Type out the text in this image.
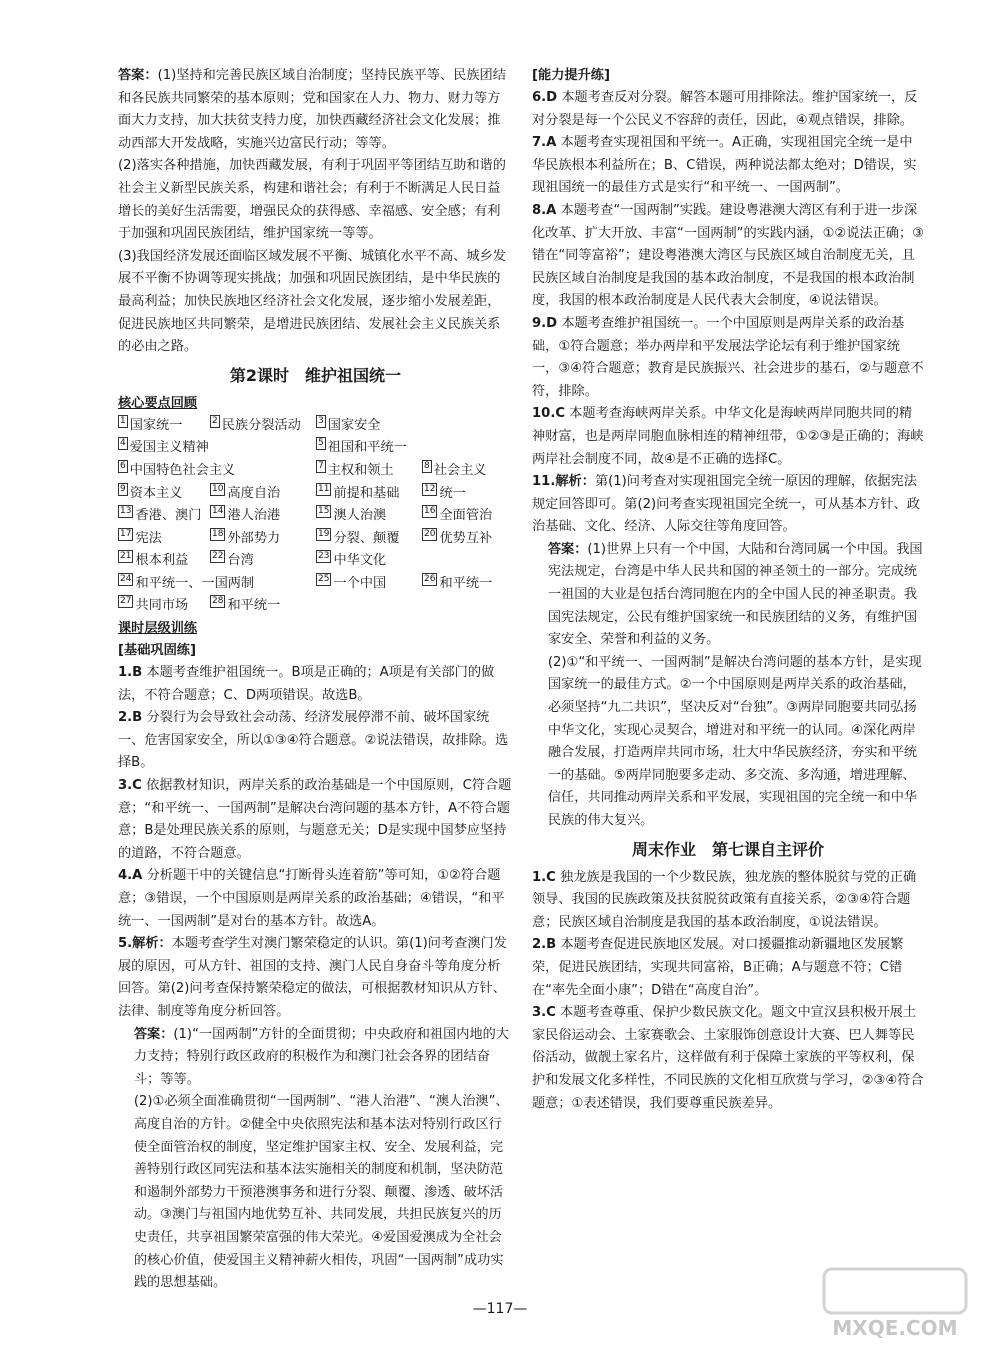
答案：(1)坚持和完善民族区域自治制度；坚持民族平等、民族团结和各民族共同繁荣的基本原则；党和国家在人力、物力、财力等方面大力支持，加大扶贫支持力度，加快西藏经济社会文化发展；推动西部大开发战略，实施兴边富民行动；等等。

(2)落实各种措施，加快西藏发展，有利于巩固平等团结互助和谐的社会主义新型民族关系，构建和谐社会；有利于不断满足人民日益增长的美好生活需要，增强民众的获得感、幸福感、安全感；有利于加强和巩固民族团结，维护国家统一等等。

(3)我国经济发展还面临区域发展不平衡、城镇化水平不高、城乡发展不平衡不协调等现实挑战；加强和巩固民族团结，是中华民族的最高利益；加快民族地区经济社会文化发展，逐步缩小发展差距，促进民族地区共同繁荣，是增进民族团结、发展社会主义民族关系的必由之路。

第2课时　维护祖国统一
核心要点回顾
1 国家统一	2 民族分裂活动	3 国家安全
4 爱国主义精神	5 祖国和平统一
6 中国特色社会主义	7 主权和领土	8 社会主义
9 资本主义	10 高度自治	11 前提和基础	12 统一
13 香港、澳门	14 港人治港	15 澳人治澳	16 全面管治
17 宪法	18 外部势力	19 分裂、颠覆	20 优势互补
21 根本利益	22 台湾	23 中华文化
24 和平统一、一国两制	25 一个中国	26 和平统一
27 共同市场	28 和平统一
课时层级训练
[基础巩固练]

1.B 本题考查维护祖国统一。B项是正确的；A项是有关部门的做法，不符合题意；C、D两项错误。故选B。

2.B 分裂行为会导致社会动荡、经济发展停滞不前、破坏国家统一、危害国家安全，所以①③④符合题意。②说法错误，故排除。选择B。

3.C 依据教材知识，两岸关系的政治基础是一个中国原则，C符合题意；“和平统一、一国两制”是解决台湾问题的基本方针，A不符合题意；B是处理民族关系的原则，与题意无关；D是实现中国梦应坚持的道路，不符合题意。

4.A 分析题干中的关键信息“打断骨头连着筋”等可知，①②符合题意；③错误，一个中国原则是两岸关系的政治基础；④错误，“和平统一、一国两制”是对台的基本方针。故选A。

5.解析：本题考查学生对澳门繁荣稳定的认识。第(1)问考查澳门发展的原因，可从方针、祖国的支持、澳门人民自身奋斗等角度分析回答。第(2)问考查保持繁荣稳定的做法，可根据教材知识从方针、法律、制度等角度分析回答。

答案：(1)“一国两制”方针的全面贯彻；中央政府和祖国内地的大力支持；特别行政区政府的积极作为和澳门社会各界的团结奋斗；等等。

(2)①必须全面准确贯彻“一国两制”、“港人治港”、“澳人治澳”、高度自治的方针。②健全中央依照宪法和基本法对特别行政区行使全面管治权的制度，坚定维护国家主权、安全、发展利益，完善特别行政区同宪法和基本法实施相关的制度和机制，坚决防范和遏制外部势力干预港澳事务和进行分裂、颠覆、渗透、破坏活动。③澳门与祖国内地优势互补、共同发展，共担民族复兴的历史责任，共享祖国繁荣富强的伟大荣光。④爱国爱澳成为全社会的核心价值，使爱国主义精神薪火相传，巩固“一国两制”成功实践的思想基础。

[能力提升练]

6.D 本题考查反对分裂。解答本题可用排除法。维护国家统一，反对分裂是每一个公民义不容辞的责任，因此，④观点错误，排除。

7.A 本题考查实现祖国和平统一。A正确，实现祖国完全统一是中华民族根本利益所在；B、C错误，两种说法都太绝对；D错误，实现祖国统一的最佳方式是实行“和平统一、一国两制”。

8.A 本题考查“一国两制”实践。建设粤港澳大湾区有利于进一步深化改革、扩大开放、丰富“一国两制”的实践内涵，①②说法正确；③错在“同等富裕”；建设粤港澳大湾区与民族区域自治制度无关，且民族区域自治制度是我国的基本政治制度，不是我国的根本政治制度，我国的根本政治制度是人民代表大会制度，④说法错误。

9.D 本题考查维护祖国统一。一个中国原则是两岸关系的政治基础，①符合题意；举办两岸和平发展法学论坛有利于维护国家统一，③④符合题意；教育是民族振兴、社会进步的基石，②与题意不符，排除。

10.C 本题考查海峡两岸关系。中华文化是海峡两岸同胞共同的精神财富，也是两岸同胞血脉相连的精神纽带，①②③是正确的；海峡两岸社会制度不同，故④是不正确的选择C。

11.解析：第(1)问考查对实现祖国完全统一原因的理解，依据宪法规定回答即可。第(2)问考查实现祖国完全统一，可从基本方针、政治基础、文化、经济、人际交往等角度回答。

答案：(1)世界上只有一个中国，大陆和台湾同属一个中国。我国宪法规定，台湾是中华人民共和国的神圣领土的一部分。完成统一祖国的大业是包括台湾同胞在内的全中国人民的神圣职责。我国宪法规定，公民有维护国家统一和民族团结的义务，有维护国家安全、荣誉和利益的义务。

(2)①“和平统一、一国两制”是解决台湾问题的基本方针，是实现国家统一的最佳方式。②一个中国原则是两岸关系的政治基础，必须坚持“九二共识”，坚决反对“台独”。③两岸同胞要共同弘扬中华文化，实现心灵契合，增进对和平统一的认同。④深化两岸融合发展，打造两岸共同市场，壮大中华民族经济，夯实和平统一的基础。⑤两岸同胞要多走动、多交流、多沟通，增进理解、信任，共同推动两岸关系和平发展，实现祖国的完全统一和中华民族的伟大复兴。

周末作业　第七课自主评价

1.C 独龙族是我国的一个少数民族，独龙族的整体脱贫与党的正确领导、我国的民族政策及扶贫脱贫政策有直接关系，②③④符合题意；民族区域自治制度是我国的基本政治制度，①说法错误。

2.B 本题考查促进民族地区发展。对口援疆推动新疆地区发展繁荣，促进民族团结，实现共同富裕，B正确；A与题意不符；C错在“率先全面小康”；D错在“高度自治”。

3.C 本题考查尊重、保护少数民族文化。题文中宣汉县积极开展土家民俗运动会、土家赛歌会、土家服饰创意设计大赛、巴人舞等民俗活动，做靓土家名片，这样做有利于保障土家族的平等权利，保护和发展文化多样性，不同民族的文化相互欣赏与学习，②③④符合题意；①表述错误，我们要尊重民族差异。

—117—
MXQE.COM
